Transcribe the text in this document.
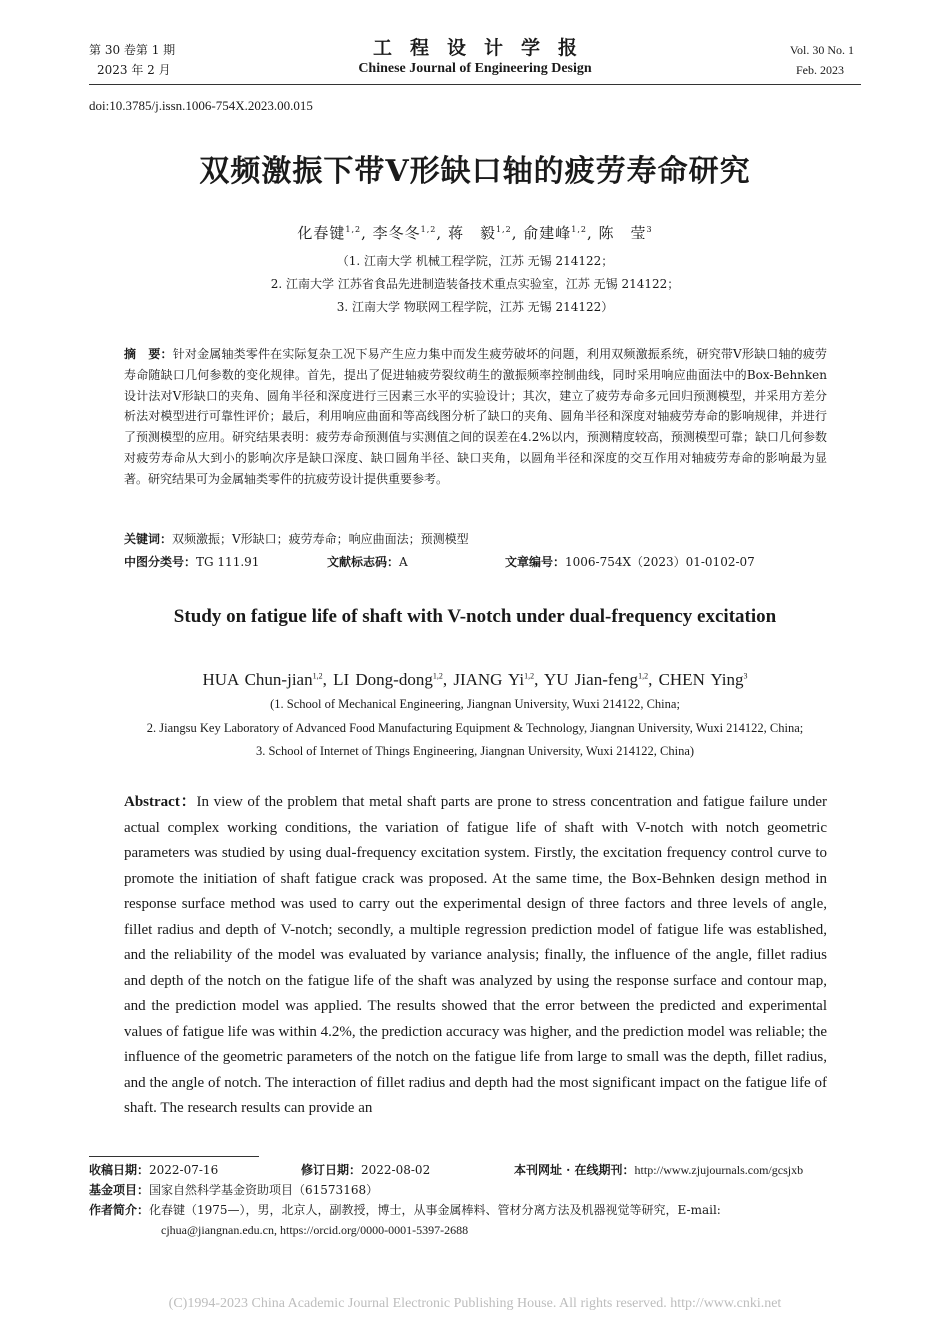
第 30 卷第 1 期
2023 年 2 月
工程设计学报
Chinese Journal of Engineering Design
Vol. 30 No. 1
Feb. 2023
doi:10.3785/j.issn.1006-754X.2023.00.015
双频激振下带V形缺口轴的疲劳寿命研究
化春键$^{1,2}$, 李冬冬$^{1,2}$, 蒋　毅$^{1,2}$, 俞建峰$^{1,2}$, 陈　莹$^3$
（1. 江南大学 机械工程学院，江苏 无锡 214122；
2. 江南大学 江苏省食品先进制造装备技术重点实验室，江苏 无锡 214122；
3. 江南大学 物联网工程学院，江苏 无锡 214122）
摘　要：针对金属轴类零件在实际复杂工况下易产生应力集中而发生疲劳破坏的问题，利用双频激振系统，研究带V形缺口轴的疲劳寿命随缺口几何参数的变化规律。首先，提出了促进轴疲劳裂纹萌生的激振频率控制曲线，同时采用响应曲面法中的Box-Behnken设计法对V形缺口的夹角、圆角半径和深度进行三因素三水平的实验设计；其次，建立了疲劳寿命多元回归预测模型，并采用方差分析法对模型进行可靠性评价；最后，利用响应曲面和等高线图分析了缺口的夹角、圆角半径和深度对轴疲劳寿命的影响规律，并进行了预测模型的应用。研究结果表明：疲劳寿命预测值与实测值之间的误差在4.2%以内，预测精度较高，预测模型可靠；缺口几何参数对疲劳寿命从大到小的影响次序是缺口深度、缺口圆角半径、缺口夹角，以圆角半径和深度的交互作用对轴疲劳寿命的影响最为显著。研究结果可为金属轴类零件的抗疲劳设计提供重要参考。
关键词：双频激振；V形缺口；疲劳寿命；响应曲面法；预测模型
中图分类号：TG 111.91	文献标志码：A	文章编号：1006-754X（2023）01-0102-07
Study on fatigue life of shaft with V-notch under dual-frequency excitation
HUA Chun-jian$^{1,2}$, LI Dong-dong$^{1,2}$, JIANG Yi$^{1,2}$, YU Jian-feng$^{1,2}$, CHEN Ying$^3$
(1. School of Mechanical Engineering, Jiangnan University, Wuxi 214122, China;
2. Jiangsu Key Laboratory of Advanced Food Manufacturing Equipment & Technology, Jiangnan University, Wuxi 214122, China;
3. School of Internet of Things Engineering, Jiangnan University, Wuxi 214122, China)
Abstract：In view of the problem that metal shaft parts are prone to stress concentration and fatigue failure under actual complex working conditions, the variation of fatigue life of shaft with V-notch with notch geometric parameters was studied by using dual-frequency excitation system. Firstly, the excitation frequency control curve to promote the initiation of shaft fatigue crack was proposed. At the same time, the Box-Behnken design method in response surface method was used to carry out the experimental design of three factors and three levels of angle, fillet radius and depth of V-notch; secondly, a multiple regression prediction model of fatigue life was established, and the reliability of the model was evaluated by variance analysis; finally, the influence of the angle, fillet radius and depth of the notch on the fatigue life of the shaft was analyzed by using the response surface and contour map, and the prediction model was applied. The results showed that the error between the predicted and experimental values of fatigue life was within 4.2%, the prediction accuracy was higher, and the prediction model was reliable; the influence of the geometric parameters of the notch on the fatigue life from large to small was the depth, fillet radius, and the angle of notch. The interaction of fillet radius and depth had the most significant impact on the fatigue life of shaft. The research results can provide an
收稿日期：2022-07-16	修订日期：2022-08-02	本刊网址 · 在线期刊：http://www.zjujournals.com/gcsjxb
基金项目：国家自然科学基金资助项目（61573168）
作者简介：化春键（1975—），男，北京人，副教授，博士，从事金属棒料、管材分离方法及机器视觉等研究，E-mail:
cjhua@jiangnan.edu.cn, https://orcid.org/0000-0001-5397-2688
(C)1994-2023 China Academic Journal Electronic Publishing House. All rights reserved. http://www.cnki.net
